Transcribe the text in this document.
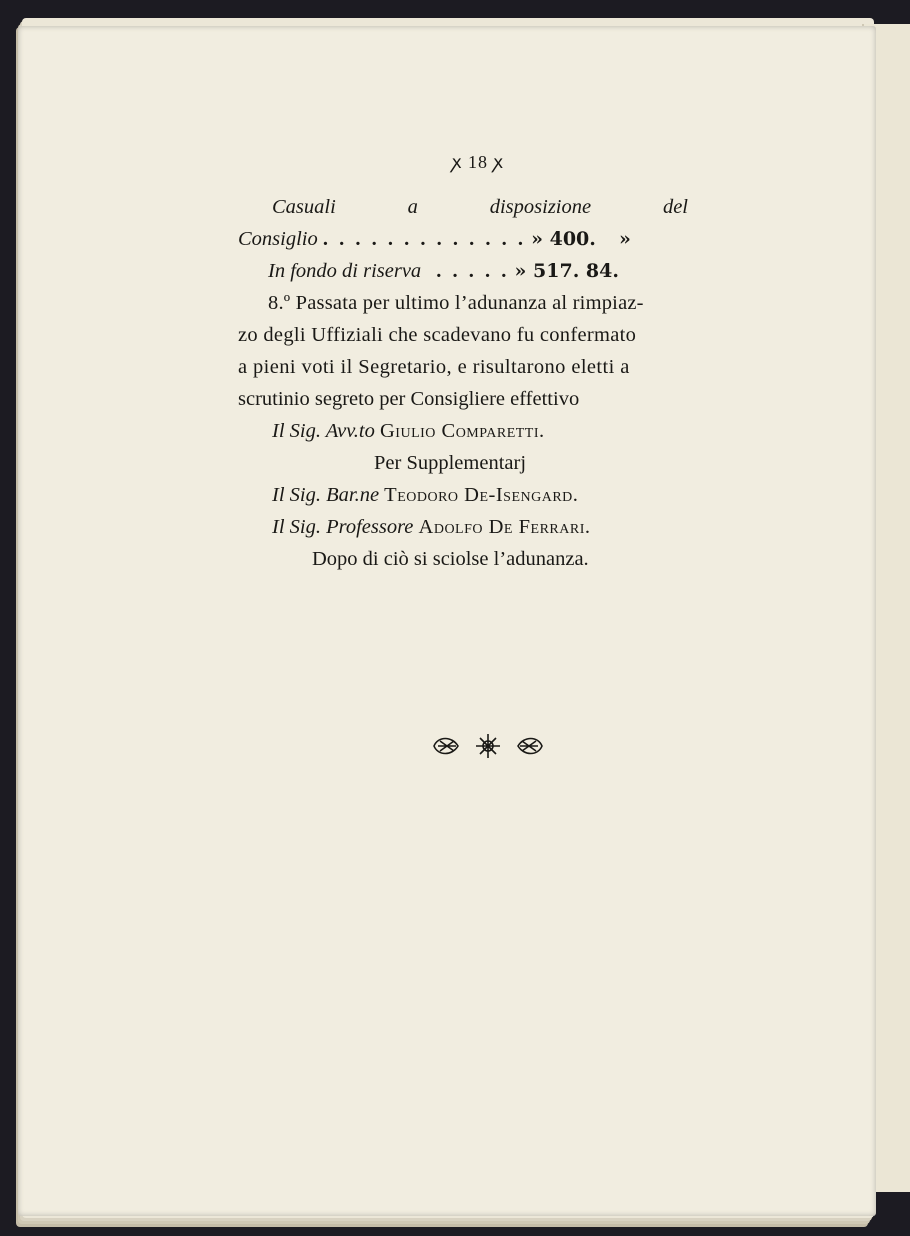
ꭗ 18 ꭗ
Casuali	a	disposizione	del
Consiglio . . . . . . . . . . . . . » 400. »
In fondo di riserva . . . . . » 517. 84.
8.º Passata per ultimo l’adunanza al rimpiaz-
zo degli Uffiziali che scadevano fu confermato
a pieni voti il Segretario, e risultarono eletti a
scrutinio segreto per Consigliere effettivo
Il Sig. Avv.to Giulio Comparetti.
Per Supplementarj
Il Sig. Bar.ne Teodoro De-Isengard.
Il Sig. Professore Adolfo De Ferrari.
Dopo di ciò si sciolse l’adunanza.
